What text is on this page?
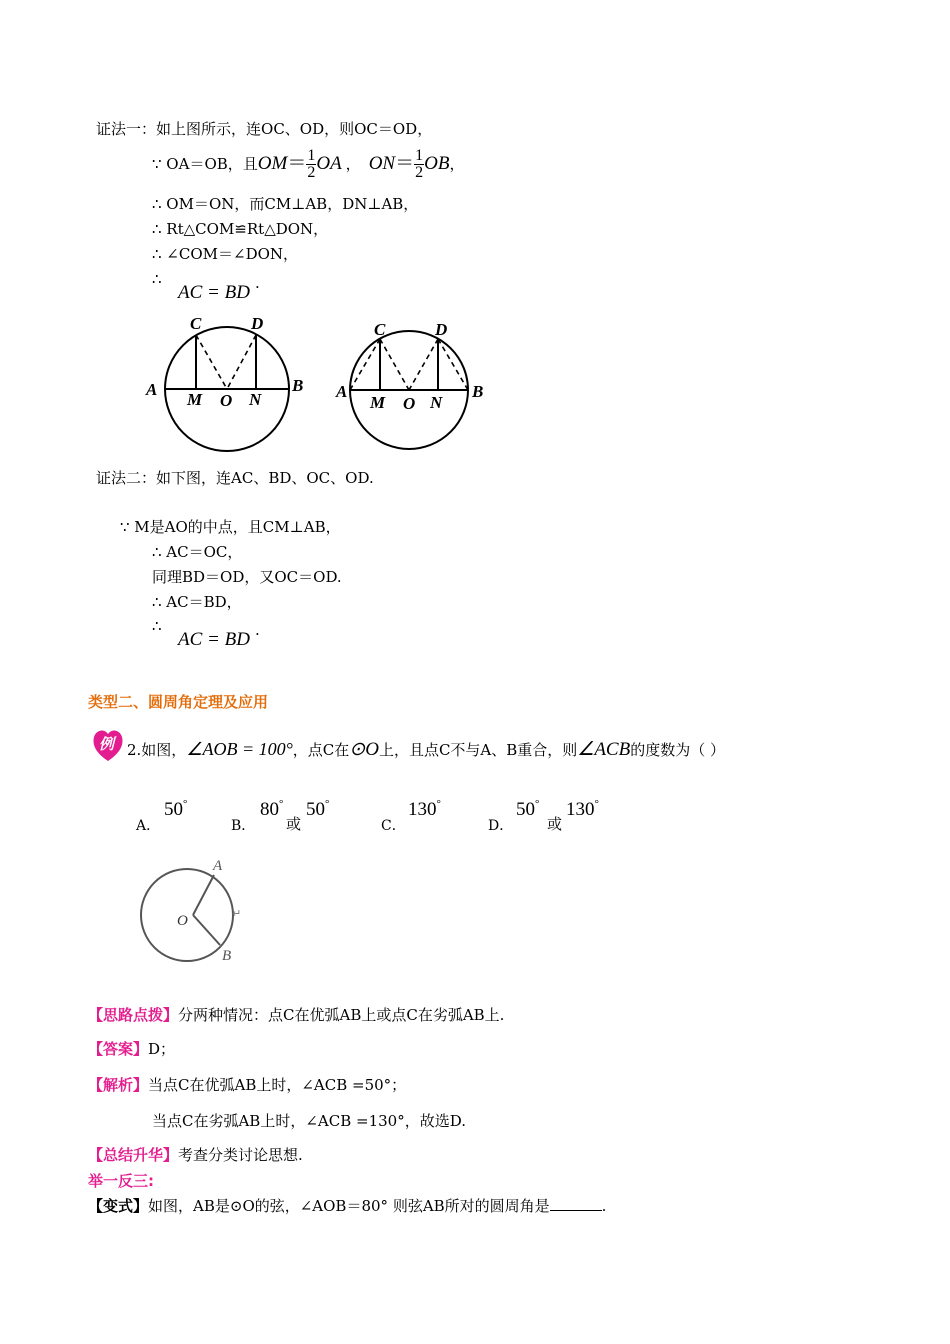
证法一：如上图所示，连OC、OD，则OC＝OD，
∵ OA＝OB，且$OM= \frac{1}{2}$ OA ， $ON= \frac{1}{2}$ OB，
∴ OM＝ON，而CM⊥AB，DN⊥AB，
∴ Rt△COM≌Rt△DON，
∴ ∠COM＝∠DON，
∴
AC = BD .
C	D
A	B
M O N
C	D
A	B
M O N
证法二：如下图，连AC、BD、OC、OD.
∵ M是AO的中点，且CM⊥AB，
∴ AC＝OC，
同理BD＝OD，又OC＝OD.
∴ AC＝BD，
∴
AC = BD .
类型二、圆周角定理及应用
例 2.如图，∠AOB = 100°，点C在⊙O上，且点C不与A、B重合，则∠ACB的度数为（ ）
A．
50°
B．
80°
或
50°
C．
130°
D．
50°
或
130°
A
O
B
↵
【思路点拨】分两种情况：点C在优弧AB上或点C在劣弧AB上.
【答案】D；
【解析】当点C在优弧AB上时，∠ACB =50°；
当点C在劣弧AB上时，∠ACB =130°，故选D.
【总结升华】考查分类讨论思想.
举一反三:
【变式】如图，AB是⊙O的弦，∠AOB＝80° 则弦AB所对的圆周角是	.
